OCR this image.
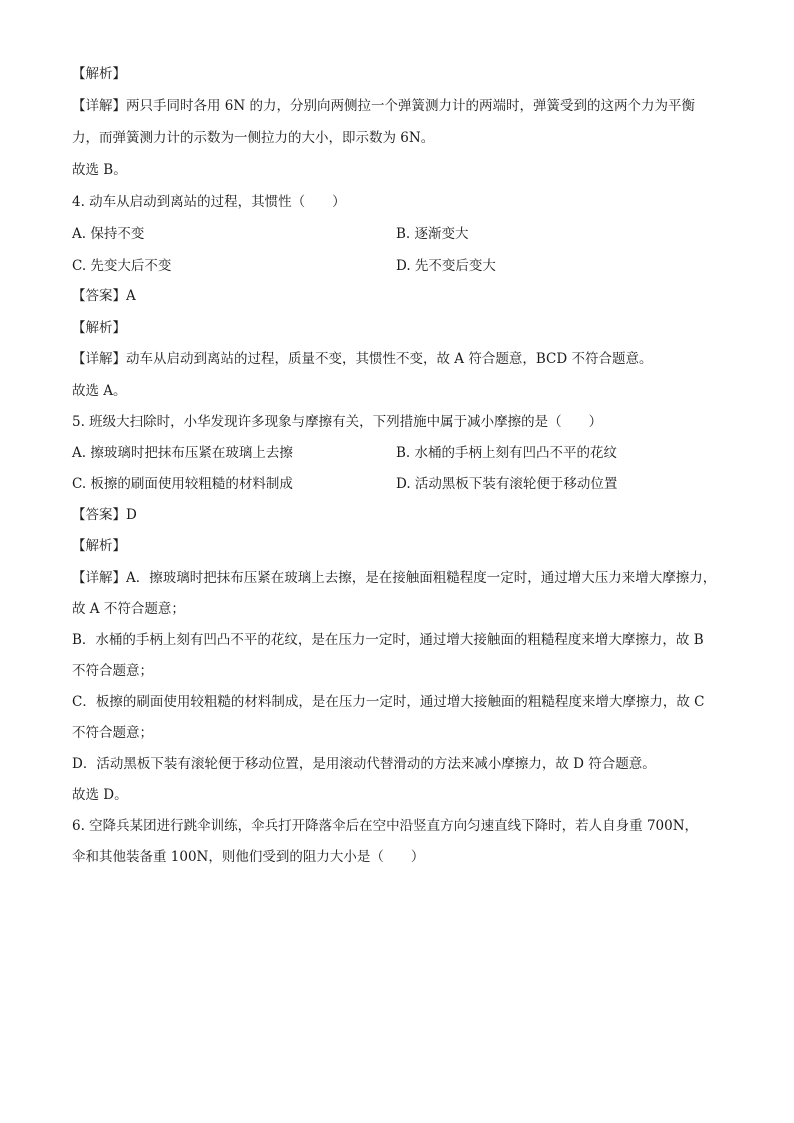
【解析】
【详解】两只手同时各用 6N 的力，分别向两侧拉一个弹簧测力计的两端时，弹簧受到的这两个力为平衡
力，而弹簧测力计的示数为一侧拉力的大小，即示数为 6N。
故选 B。
4. 动车从启动到离站的过程，其惯性（　　）
A. 保持不变	B. 逐渐变大
C. 先变大后不变	D. 先不变后变大
【答案】A
【解析】
【详解】动车从启动到离站的过程，质量不变，其惯性不变，故 A 符合题意，BCD 不符合题意。
故选 A。
5. 班级大扫除时，小华发现许多现象与摩擦有关，下列措施中属于减小摩擦的是（　　）
A. 擦玻璃时把抹布压紧在玻璃上去擦	B. 水桶的手柄上刻有凹凸不平的花纹
C. 板擦的刷面使用较粗糙的材料制成	D. 活动黑板下装有滚轮便于移动位置
【答案】D
【解析】
【详解】A．擦玻璃时把抹布压紧在玻璃上去擦，是在接触面粗糙程度一定时，通过增大压力来增大摩擦力，
故 A 不符合题意；
B．水桶的手柄上刻有凹凸不平的花纹，是在压力一定时，通过增大接触面的粗糙程度来增大摩擦力，故 B
不符合题意；
C．板擦的刷面使用较粗糙的材料制成，是在压力一定时，通过增大接触面的粗糙程度来增大摩擦力，故 C
不符合题意；
D．活动黑板下装有滚轮便于移动位置，是用滚动代替滑动的方法来减小摩擦力，故 D 符合题意。
故选 D。
6. 空降兵某团进行跳伞训练，伞兵打开降落伞后在空中沿竖直方向匀速直线下降时，若人自身重 700N，
伞和其他装备重 100N，则他们受到的阻力大小是（　　）
